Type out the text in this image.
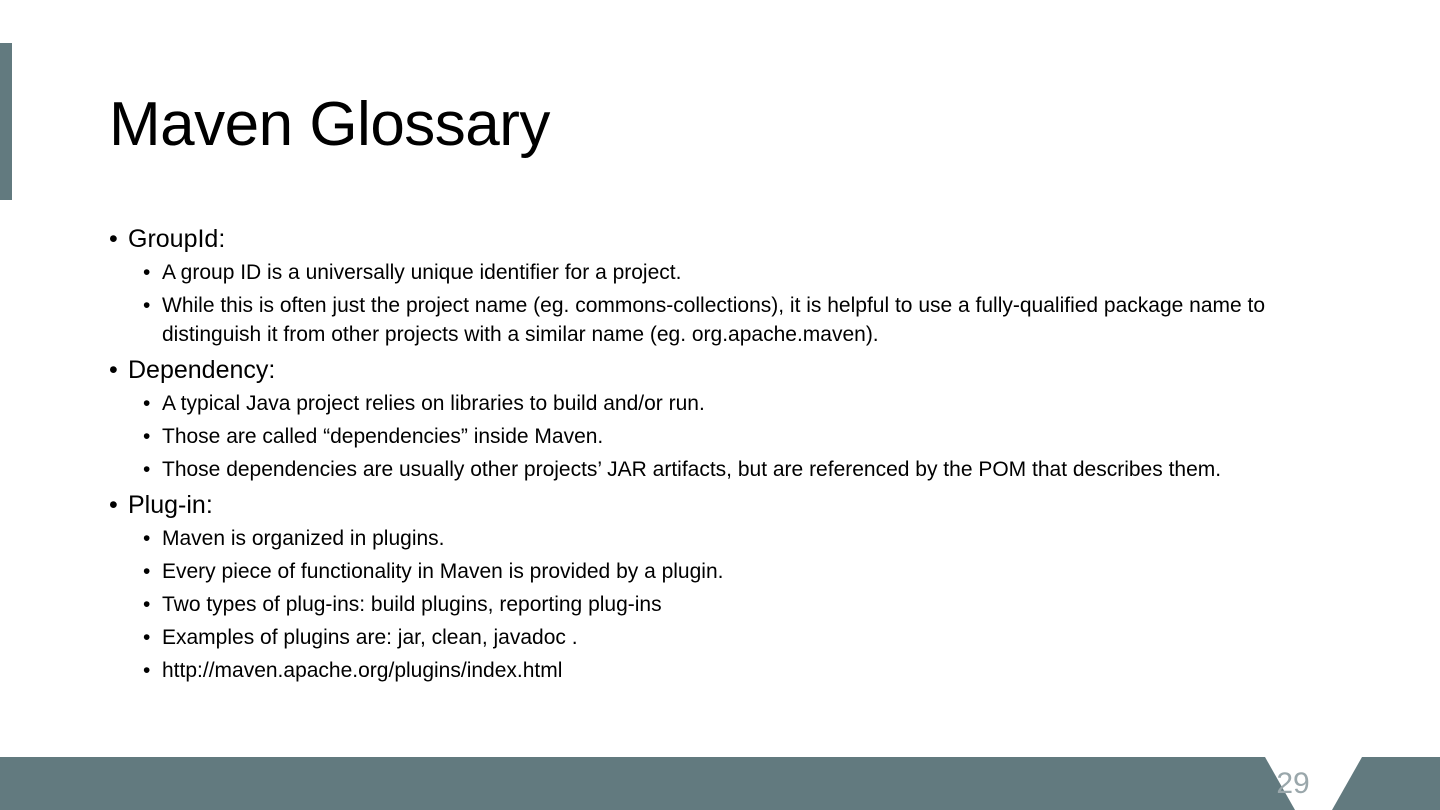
Maven Glossary
• GroupId:
• A group ID is a universally unique identifier for a project.
• While this is often just the project name (eg. commons-collections), it is helpful to use a fully-qualified package name to distinguish it from other projects with a similar name (eg. org.apache.maven).
• Dependency:
• A typical Java project relies on libraries to build and/or run.
• Those are called “dependencies” inside Maven.
• Those dependencies are usually other projects’ JAR artifacts, but are referenced by the POM that describes them.
• Plug-in:
• Maven is organized in plugins.
• Every piece of functionality in Maven is provided by a plugin.
• Two types of plug-ins: build plugins, reporting plug-ins
• Examples of plugins are: jar, clean, javadoc .
• http://maven.apache.org/plugins/index.html
29
